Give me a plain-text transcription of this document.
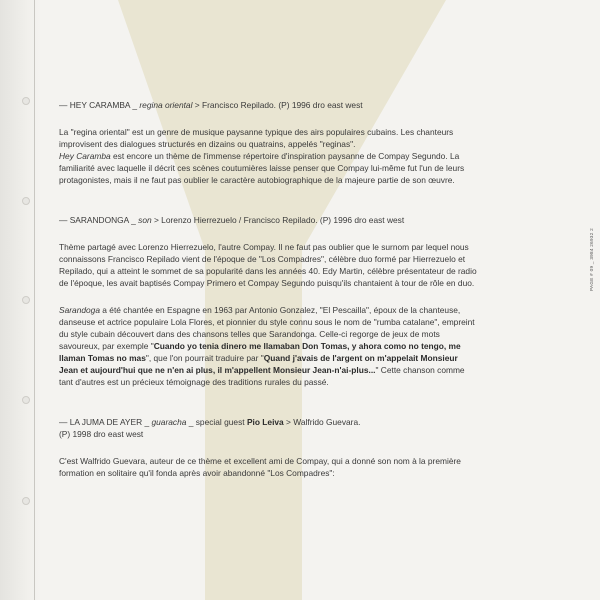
PAGE # 09 _ 3984 26932 2
— HEY CARAMBA _ regina oriental > Francisco Repilado. (P) 1996 dro east west

La "regina oriental" est un genre de musique paysanne typique des airs populaires cubains. Les chanteurs improvisent des dialogues structurés en dizains ou quatrains, appelés "reginas".
Hey Caramba est encore un thème de l'immense répertoire d'inspiration paysanne de Compay Segundo. La familiarité avec laquelle il décrit ces scènes coutumières laisse penser que Compay lui-même fut l'un de leurs protagonistes, mais il ne faut pas oublier le caractère autobiographique de la majeure partie de son œuvre.

— SARANDONGA _ son > Lorenzo Hierrezuelo / Francisco Repilado. (P) 1996 dro east west

Thème partagé avec Lorenzo Hierrezuelo, l'autre Compay. Il ne faut pas oublier que le surnom par lequel nous connaissons Francisco Repilado vient de l'époque de "Los Compadres", célèbre duo formé par Hierrezuelo et Repilado, qui a atteint le sommet de sa popularité dans les années 40. Edy Martin, célèbre présentateur de radio de l'époque, les avait baptisés Compay Primero et Compay Segundo puisqu'ils chantaient à tour de rôle en duo.

Sarandoga a été chantée en Espagne en 1963 par Antonio Gonzalez, "El Pescailla", époux de la chanteuse, danseuse et actrice populaire Lola Flores, et pionnier du style connu sous le nom de "rumba catalane", empreint du style cubain découvert dans des chansons telles que Sarandonga. Celle-ci regorge de jeux de mots savoureux, par exemple "Cuando yo tenia dinero me llamaban Don Tomas, y ahora como no tengo, me llaman Tomas no mas", que l'on pourrait traduire par "Quand j'avais de l'argent on m'appelait Monsieur Jean et aujourd'hui que ne n'en ai plus, il m'appellent Monsieur Jean-n'ai-plus..." Cette chanson comme tant d'autres est un précieux témoignage des traditions rurales du passé.

— LA JUMA DE AYER _ guaracha _ special guest Pio Leiva > Walfrido Guevara.
(P) 1998 dro east west

C'est Walfrido Guevara, auteur de ce thème et excellent ami de Compay, qui a donné son nom à la première formation en solitaire qu'il fonda après avoir abandonné "Los Compadres":
